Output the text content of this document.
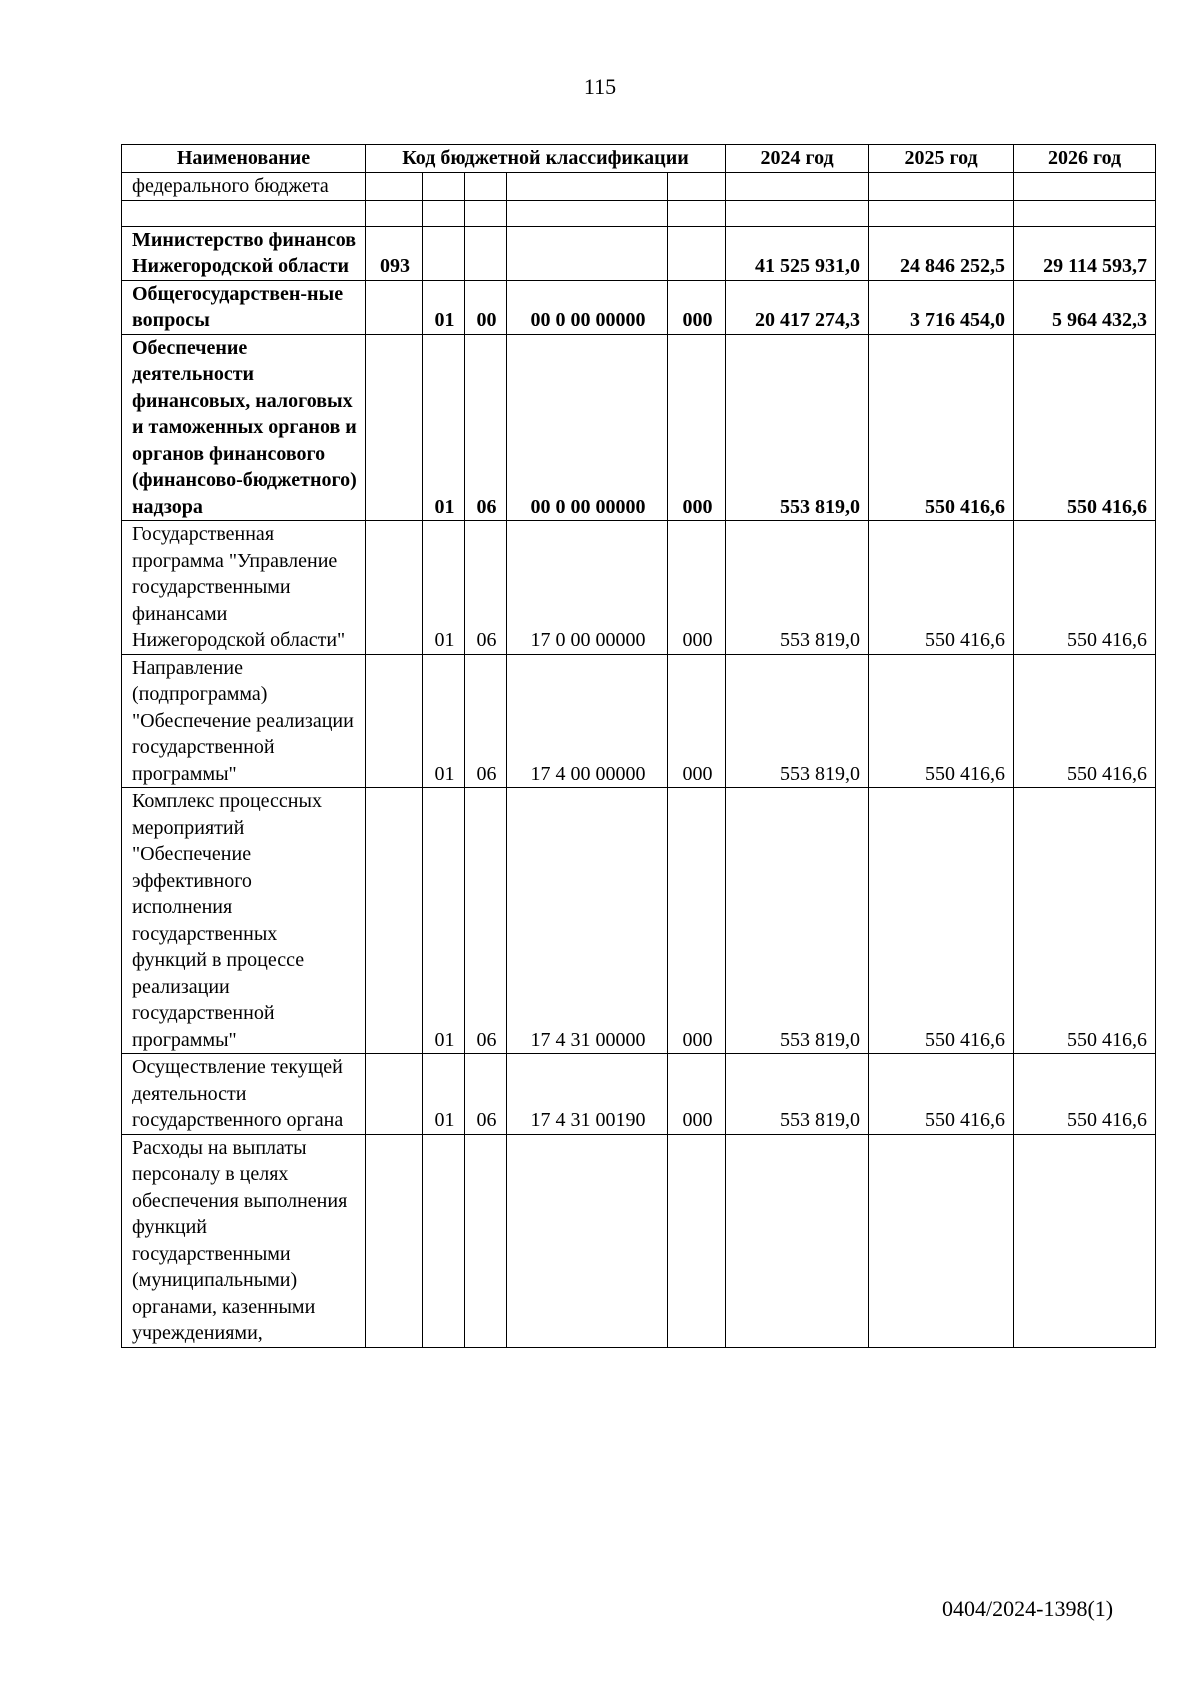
115
Наименование	Код бюджетной классификации					2024 год	2025 год	2026 год
федерального бюджета								

Министерство финансов Нижегородской области	093					41 525 931,0	24 846 252,5	29 114 593,7
Общегосударствен-ные вопросы		01	00	00 0 00 00000	000	20 417 274,3	3 716 454,0	5 964 432,3
Обеспечение деятельности финансовых, налоговых и таможенных органов и органов финансового (финансово-бюджетного) надзора		01	06	00 0 00 00000	000	553 819,0	550 416,6	550 416,6
Государственная программа "Управление государственными финансами Нижегородской области"		01	06	17 0 00 00000	000	553 819,0	550 416,6	550 416,6
Направление (подпрограмма) "Обеспечение реализации государственной программы"		01	06	17 4 00 00000	000	553 819,0	550 416,6	550 416,6
Комплекс процессных мероприятий "Обеспечение эффективного исполнения государственных функций в процессе реализации государственной программы"		01	06	17 4 31 00000	000	553 819,0	550 416,6	550 416,6
Осуществление текущей деятельности государственного органа		01	06	17 4 31 00190	000	553 819,0	550 416,6	550 416,6
Расходы на выплаты персоналу в целях обеспечения выполнения функций государственными (муниципальными) органами, казенными учреждениями,								
0404/2024-1398(1)
